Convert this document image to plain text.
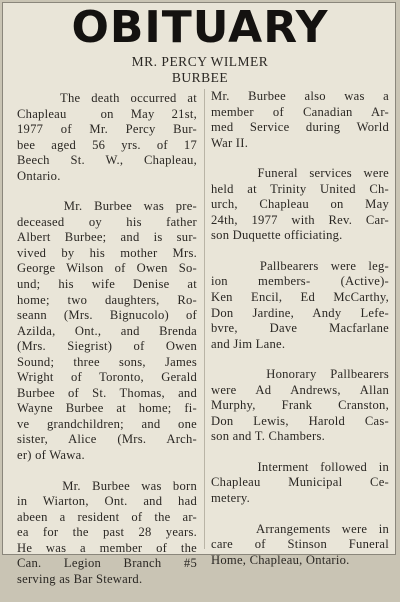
OBITUARY
MR. PERCY WILMER
BURBEE

The death occurred at
Chapleau  on May 21st,
1977 of Mr. Percy Bur-
bee aged 56 yrs. of 17
Beech St. W., Chapleau,
Ontario.

Mr. Burbee was pre-
deceased oy his father
Albert Burbee; and is sur-
vived by his mother Mrs.
George Wilson of Owen So-
und; his wife Denise at
home; two daughters, Ro-
seann (Mrs. Bignucolo) of
Azilda, Ont., and Brenda
(Mrs. Siegrist) of Owen
Sound; three sons, James
Wright of Toronto, Gerald
Burbee of St. Thomas, and
Wayne Burbee at home; fi-
ve grandchildren; and one
sister, Alice (Mrs. Arch-
er) of Wawa.

Mr. Burbee was born
in Wiarton, Ont. and had
abeen a resident of the ar-
ea for the past 28 years.
He was a member of the
Can. Legion Branch #5
serving as Bar Steward.

Mr. Burbee also was a
member of Canadian Ar-
med Service during World
War II.

Funeral services were
held at Trinity United Ch-
urch, Chapleau on May
24th, 1977 with Rev. Car-
son Duquette officiating.

Pallbearers were leg-
ion members- (Active)-
Ken Encil, Ed McCarthy,
Don Jardine, Andy Lefe-
bvre,  Dave  Macfarlane
and Jim Lane.

Honorary Pallbearers
were Ad Andrews, Allan
Murphy, Frank Cranston,
Don Lewis, Harold Cas-
son and T. Chambers.

Interment followed in
Chapleau Municipal Ce-
metery.

Arrangements were in
care of Stinson Funeral
Home, Chapleau, Ontario.
